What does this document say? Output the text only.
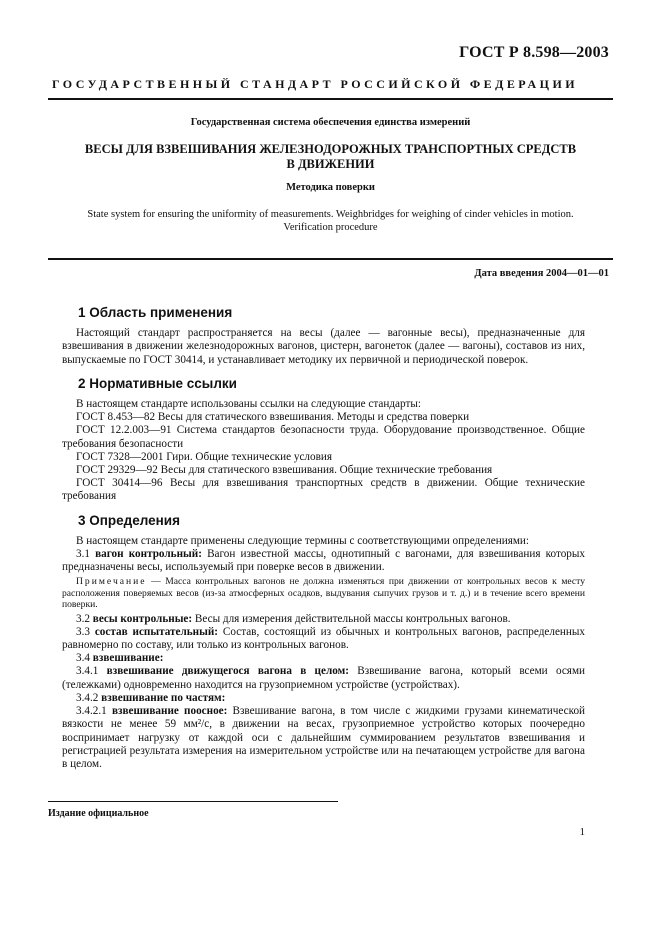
ГОСТ Р 8.598—2003
ГОСУДАРСТВЕННЫЙ СТАНДАРТ РОССИЙСКОЙ ФЕДЕРАЦИИ
Государственная система обеспечения единства измерений
ВЕСЫ ДЛЯ ВЗВЕШИВАНИЯ ЖЕЛЕЗНОДОРОЖНЫХ ТРАНСПОРТНЫХ СРЕДСТВ
В ДВИЖЕНИИ
Методика поверки
State system for ensuring the uniformity of measurements. Weighbridges for weighing of cinder vehicles in motion.
Verification procedure
Дата введения 2004—01—01
1 Область применения

Настоящий стандарт распространяется на весы (далее — вагонные весы), предназначенные для взвешивания в движении железнодорожных вагонов, цистерн, вагонеток (далее — вагоны), составов из них, выпускаемые по ГОСТ 30414, и устанавливает методику их первичной и периодической поверок.

2 Нормативные ссылки

В настоящем стандарте использованы ссылки на следующие стандарты:

ГОСТ 8.453—82 Весы для статического взвешивания. Методы и средства поверки

ГОСТ 12.2.003—91 Система стандартов безопасности труда. Оборудование производственное. Общие требования безопасности

ГОСТ 7328—2001 Гири. Общие технические условия

ГОСТ 29329—92 Весы для статического взвешивания. Общие технические требования

ГОСТ 30414—96 Весы для взвешивания транспортных средств в движении. Общие технические требования

3 Определения

В настоящем стандарте применены следующие термины с соответствующими определениями:

3.1 вагон контрольный: Вагон известной массы, однотипный с вагонами, для взвешивания которых предназначены весы, используемый при поверке весов в движении.

Примечание — Масса контрольных вагонов не должна изменяться при движении от контрольных весов к месту расположения поверяемых весов (из-за атмосферных осадков, выдувания сыпучих грузов и т. д.) и в течение всего времени поверки.

3.2 весы контрольные: Весы для измерения действительной массы контрольных вагонов.

3.3 состав испытательный: Состав, состоящий из обычных и контрольных вагонов, распределенных равномерно по составу, или только из контрольных вагонов.

3.4 взвешивание:

3.4.1 взвешивание движущегося вагона в целом: Взвешивание вагона, который всеми осями (тележками) одновременно находится на грузоприемном устройстве (устройствах).

3.4.2 взвешивание по частям:

3.4.2.1 взвешивание поосное: Взвешивание вагона, в том числе с жидкими грузами кинематической вязкости не менее 59 мм²/с, в движении на весах, грузоприемное устройство которых поочередно воспринимает нагрузку от каждой оси с дальнейшим суммированием результатов взвешивания и регистрацией результата измерения на измерительном устройстве или на печатающем устройстве для вагона в целом.

Издание официальное
1
